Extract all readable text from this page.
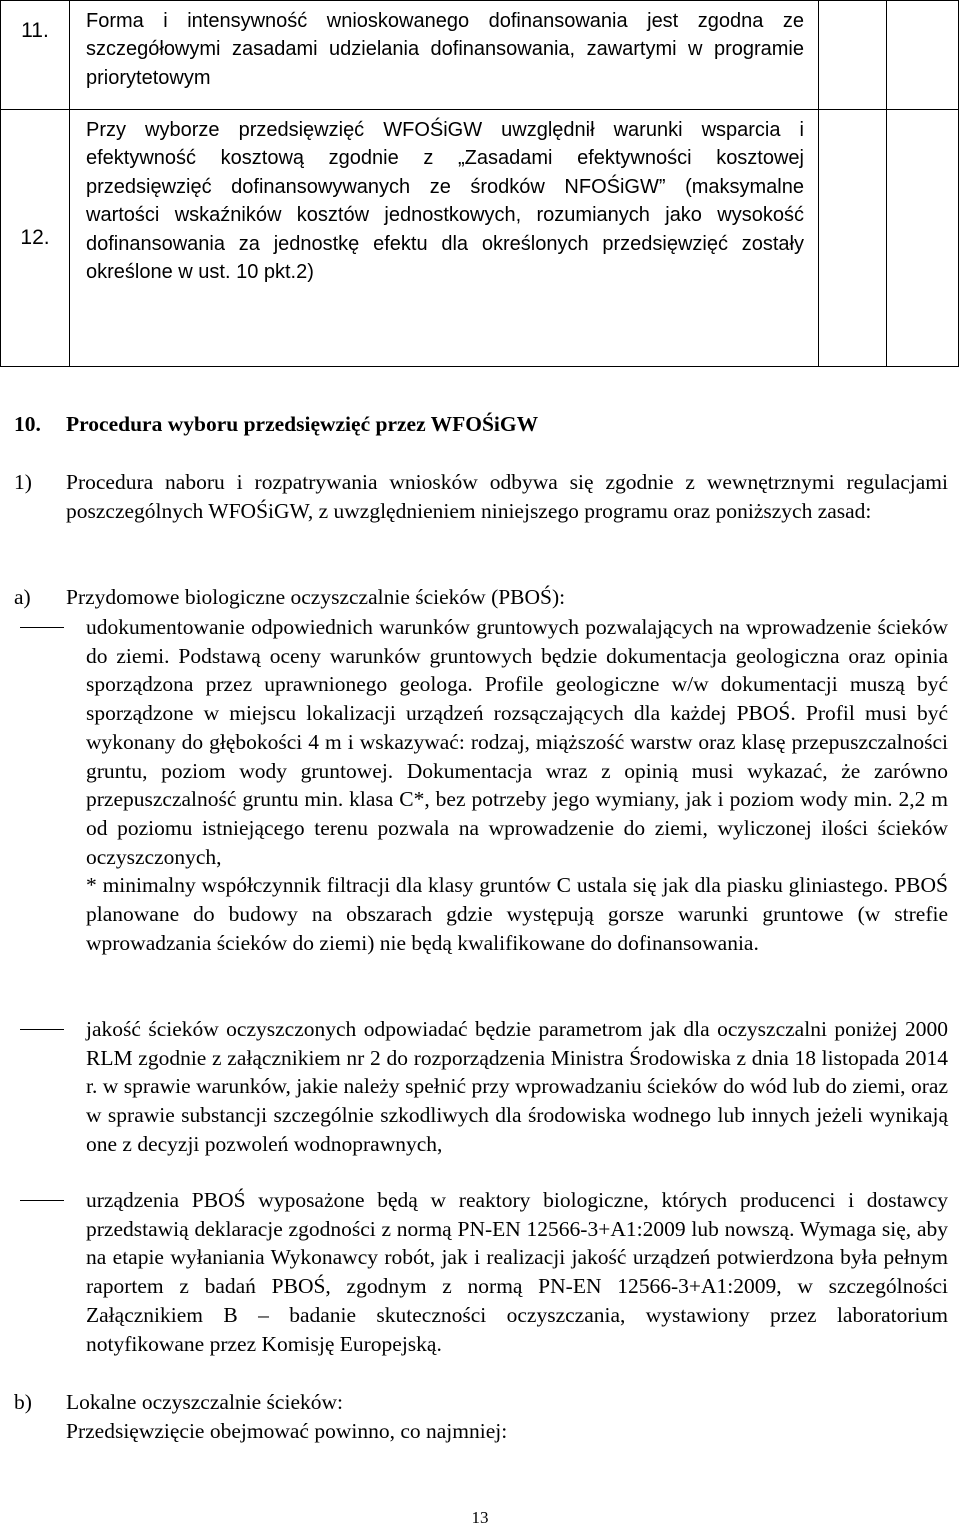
11.	Forma i intensywność wnioskowanego dofinansowania jest zgodna ze szczegółowymi zasadami udzielania dofinansowania, zawartymi w programie priorytetowym		
12.	Przy wyborze przedsięwzięć WFOŚiGW uwzględnił warunki wsparcia i efektywność kosztową zgodnie z „Zasadami efektywności kosztowej przedsięwzięć dofinansowywanych ze środków NFOŚiGW” (maksymalne wartości wskaźników kosztów jednostkowych, rozumianych jako wysokość dofinansowania za jednostkę efektu dla określonych przedsięwzięć zostały określone w ust. 10 pkt.2)		
10. Procedura wyboru przedsięwzięć przez WFOŚiGW
1) Procedura naboru i rozpatrywania wniosków odbywa się zgodnie z wewnętrznymi regulacjami poszczególnych WFOŚiGW, z uwzględnieniem niniejszego programu oraz poniższych zasad:
a) Przydomowe biologiczne oczyszczalnie ścieków (PBOŚ):
udokumentowanie odpowiednich warunków gruntowych pozwalających na wprowadzenie ścieków do ziemi. Podstawą oceny warunków gruntowych będzie dokumentacja geologiczna oraz opinia sporządzona przez uprawnionego geologa. Profile geologiczne w/w dokumentacji muszą być sporządzone w miejscu lokalizacji urządzeń rozsączających dla każdej PBOŚ. Profil musi być wykonany do głębokości 4 m i wskazywać: rodzaj, miąższość warstw oraz klasę przepuszczalności gruntu, poziom wody gruntowej. Dokumentacja wraz z opinią musi wykazać, że zarówno przepuszczalność gruntu min. klasa C*, bez potrzeby jego wymiany, jak i poziom wody min. 2,2 m od poziomu istniejącego terenu pozwala na wprowadzenie do ziemi, wyliczonej ilości ścieków oczyszczonych,
* minimalny współczynnik filtracji dla klasy gruntów C ustala się jak dla piasku gliniastego. PBOŚ planowane do budowy na obszarach gdzie występują gorsze warunki gruntowe (w strefie wprowadzania ścieków do ziemi) nie będą kwalifikowane do dofinansowania.
jakość ścieków oczyszczonych odpowiadać będzie parametrom jak dla oczyszczalni poniżej 2000 RLM zgodnie z załącznikiem nr 2 do rozporządzenia Ministra Środowiska z dnia 18 listopada 2014 r. w sprawie warunków, jakie należy spełnić przy wprowadzaniu ścieków do wód lub do ziemi, oraz w sprawie substancji szczególnie szkodliwych dla środowiska wodnego lub innych jeżeli wynikają one z decyzji pozwoleń wodnoprawnych,
urządzenia PBOŚ wyposażone będą w reaktory biologiczne, których producenci i dostawcy przedstawią deklaracje zgodności z normą PN-EN 12566-3+A1:2009 lub nowszą. Wymaga się, aby na etapie wyłaniania Wykonawcy robót, jak i realizacji jakość urządzeń potwierdzona była pełnym raportem z badań PBOŚ, zgodnym z normą PN-EN 12566-3+A1:2009, w szczególności Załącznikiem B – badanie skuteczności oczyszczania, wystawiony przez laboratorium notyfikowane przez Komisję Europejską.
b) Lokalne oczyszczalnie ścieków:
Przedsięwzięcie obejmować powinno, co najmniej:
13
